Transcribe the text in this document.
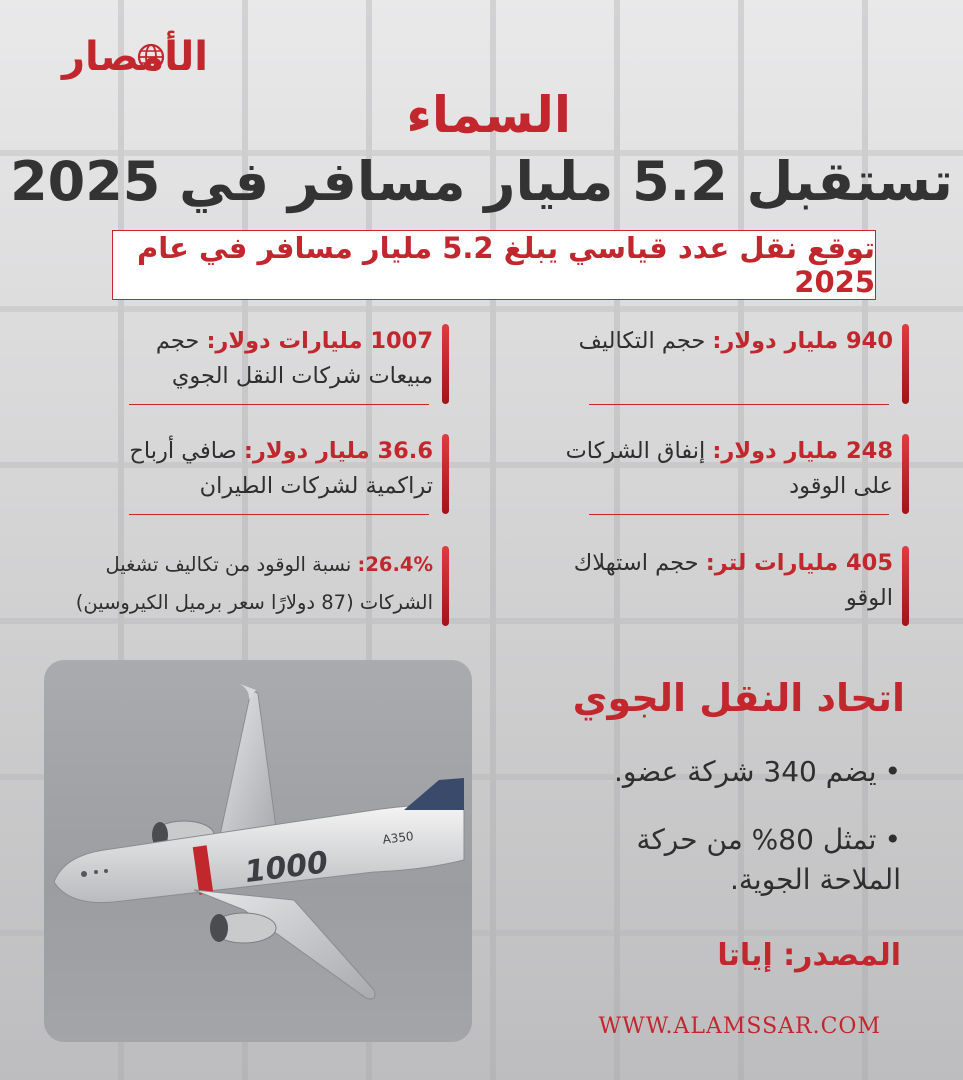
الأمصار
السماء
تستقبل 5.2 مليار مسافر في 2025
توقع نقل عدد قياسي يبلغ 5.2 مليار مسافر في عام 2025
940 مليار دولار: حجم التكاليف
248 مليار دولار: إنفاق الشركات على الوقود
405 مليارات لتر: حجم استهلاك الوقو
1007 مليارات دولار: حجم مبيعات شركات النقل الجوي
36.6 مليار دولار: صافي أرباح تراكمية لشركات الطيران
26.4%: نسبة الوقود من تكاليف تشغيل الشركات (87 دولارًا سعر برميل الكيروسين)
1000
A350
اتحاد النقل الجوي
•يضم 340 شركة عضو.
•تمثل 80% من حركة الملاحة الجوية.
المصدر: إياتا
WWW.ALAMSSAR.COM
